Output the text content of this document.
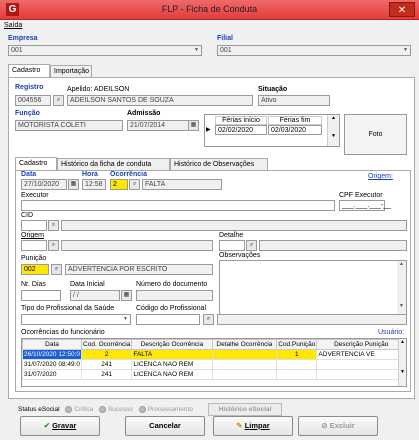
G	FLP - Ficha de Conduta	✕
Saída
Empresa
001	▼
Filial
001	▼
Cadastro	Importação
Registro
004556	⌕
Apelido: ADEILSON
ADEILSON SANTOS DE SOUZA
Situação
Ativo
Função
MOTORISTA COLETI
Admissão
21/07/2014	▦
Férias início	Férias fim
▶	02/02/2020	02/03/2020
▲

▼	Foto
Cadastro	Histórico da ficha de conduta	Histórico de Observações
Data
27/10/2020	▦
Hora
12:58
Ocorrência
2	⌕	FALTA
Origem:
Executor	CPF Executor
___.___.___-__
CID
⌕
Origem
⌕
Detalhe
⌕
Observações
▲

▼
Punição
002	⌕	ADVERTENCIA POR ESCRITO
Nr. Dias	Data Inicial
/ /	▦
Número do documento
Tipo do Profissional da Saúde
▼
Código do Profissional
⌕
Ocorrências do funcionário	Usuário:
Data	Cod. Ocorrência	Descrição Ocorrência	Detalhe Ocorrência	Cod.Punição	Descrição Punição
26/10/2020 12:50:0	2	FALTA		1	ADVERTENCIA VE
31/07/2020 08:49:0	241	LICENCA NAO REM			
31/07/2020	241	LICENCA NAO REM			
▲

▼
Status eSocial Crítica Sucesso Processamento	Histórico eSocial
✔ Gravar	Cancelar	✎ Limpar	⊘ Excluir
